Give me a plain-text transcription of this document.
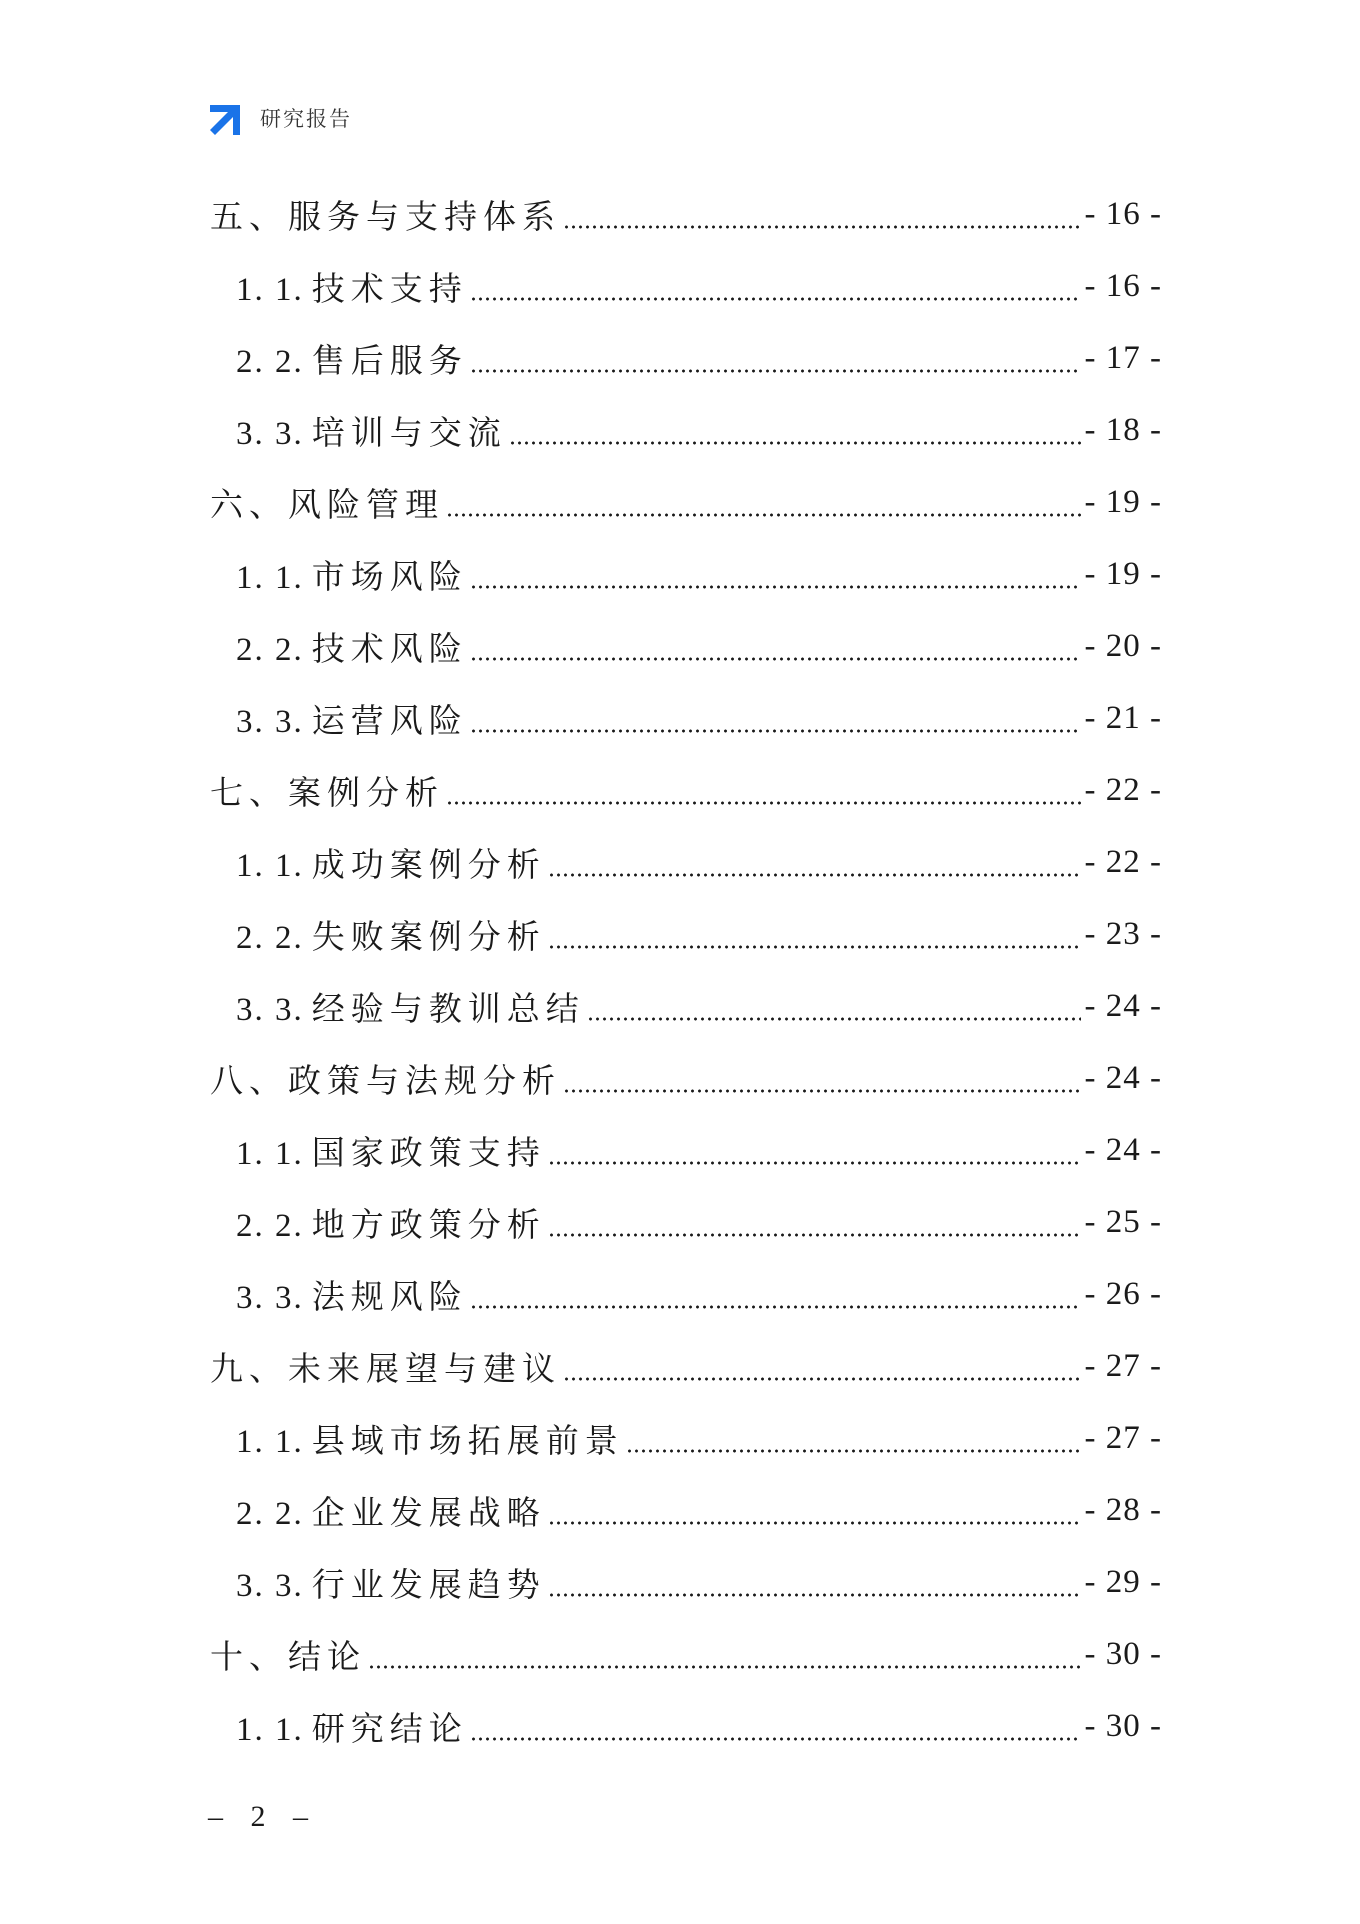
研究报告
五、服务与支持体系	- 16 -
1. 1. 技术支持	- 16 -
2. 2. 售后服务	- 17 -
3. 3. 培训与交流	- 18 -
六、风险管理	- 19 -
1. 1. 市场风险	- 19 -
2. 2. 技术风险	- 20 -
3. 3. 运营风险	- 21 -
七、案例分析	- 22 -
1. 1. 成功案例分析	- 22 -
2. 2. 失败案例分析	- 23 -
3. 3. 经验与教训总结	- 24 -
八、政策与法规分析	- 24 -
1. 1. 国家政策支持	- 24 -
2. 2. 地方政策分析	- 25 -
3. 3. 法规风险	- 26 -
九、未来展望与建议	- 27 -
1. 1. 县域市场拓展前景	- 27 -
2. 2. 企业发展战略	- 28 -
3. 3. 行业发展趋势	- 29 -
十、结论	- 30 -
1. 1. 研究结论	- 30 -
– 2 –
